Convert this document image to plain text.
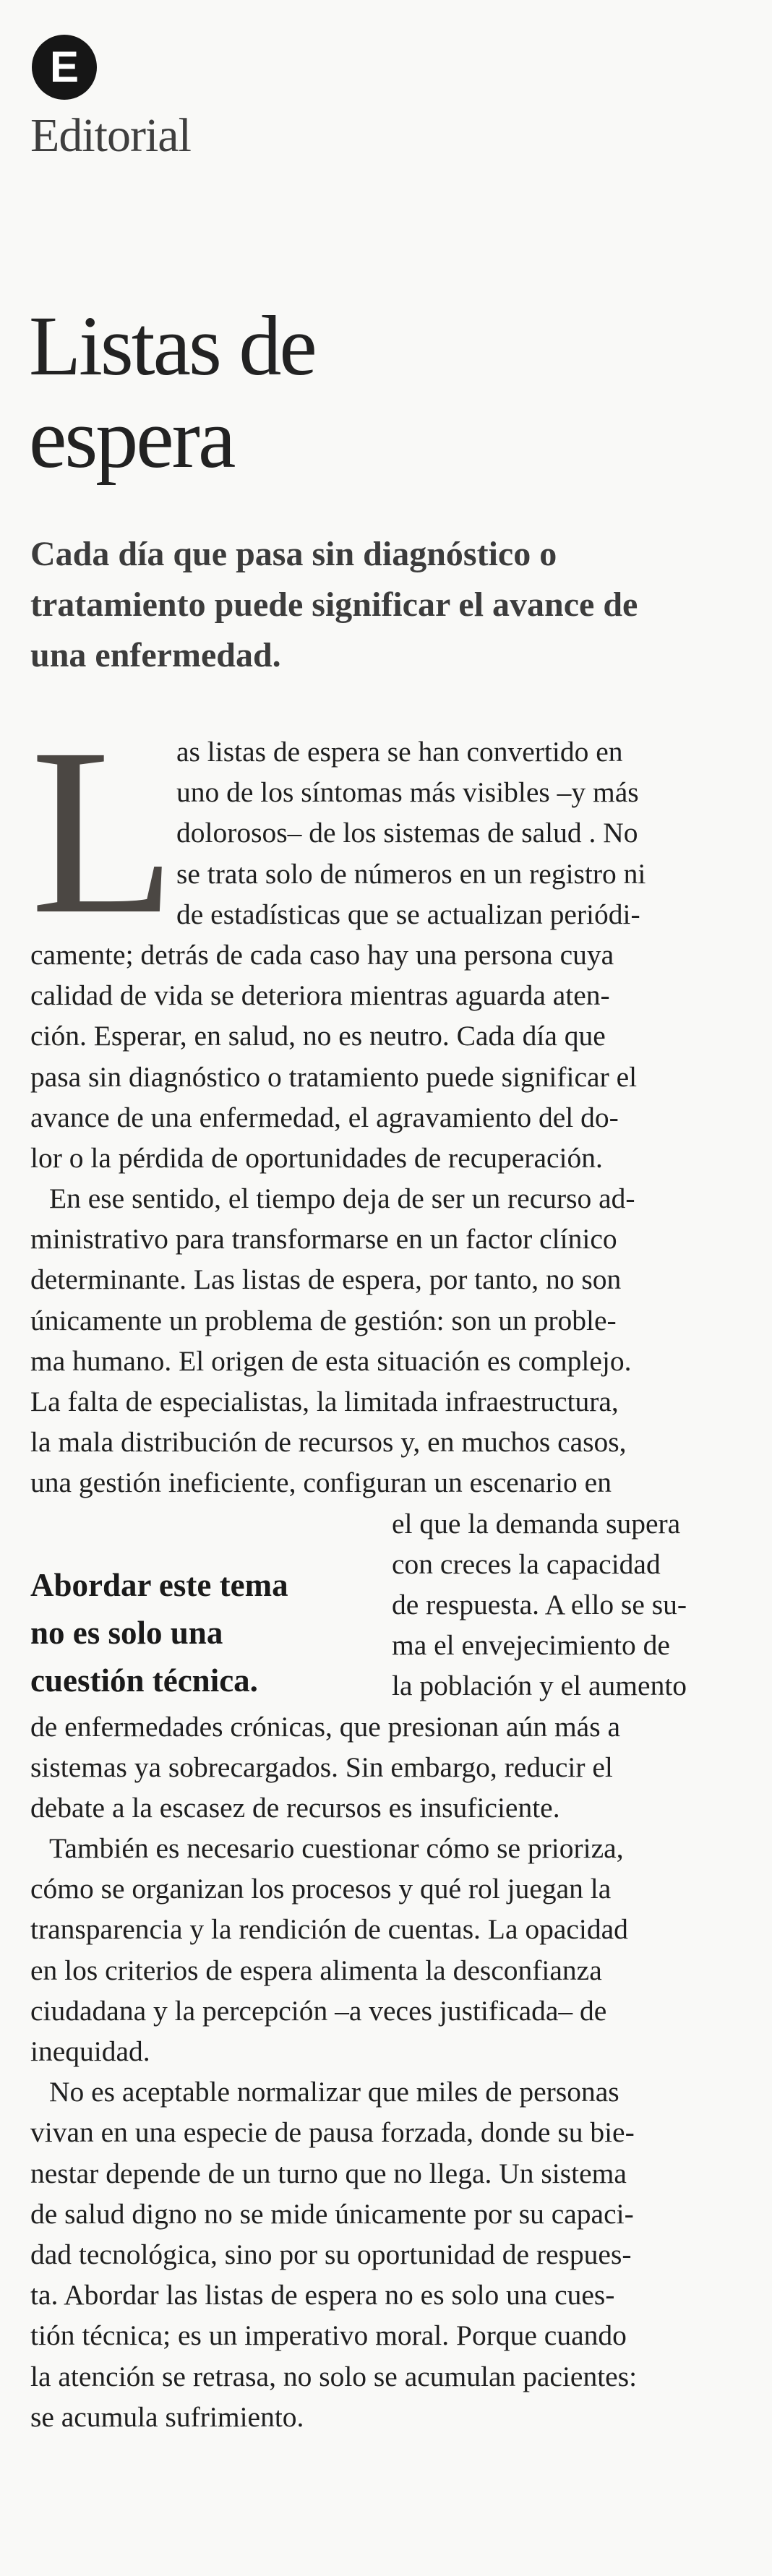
E
Editorial
Listas de
espera
Cada día que pasa sin diagnóstico o
tratamiento puede significar el avance de
una enfermedad.
L as listas de espera se han convertido en
uno de los síntomas más visibles –y más
dolorosos– de los sistemas de salud . No
se trata solo de números en un registro ni
de estadísticas que se actualizan periódi-
camente; detrás de cada caso hay una persona cuya
calidad de vida se deteriora mientras aguarda aten-
ción. Esperar, en salud, no es neutro. Cada día que
pasa sin diagnóstico o tratamiento puede significar el
avance de una enfermedad, el agravamiento del do-
lor o la pérdida de oportunidades de recuperación.
En ese sentido, el tiempo deja de ser un recurso ad-
ministrativo para transformarse en un factor clínico
determinante. Las listas de espera, por tanto, no son
únicamente un problema de gestión: son un proble-
ma humano. El origen de esta situación es complejo.
La falta de especialistas, la limitada infraestructura,
la mala distribución de recursos y, en muchos casos,
una gestión ineficiente, configuran un escenario en
el que la demanda supera
con creces la capacidad
de respuesta. A ello se su-
ma el envejecimiento de
la población y el aumento
de enfermedades crónicas, que presionan aún más a
sistemas ya sobrecargados. Sin embargo, reducir el
debate a la escasez de recursos es insuficiente.
También es necesario cuestionar cómo se prioriza,
cómo se organizan los procesos y qué rol juegan la
transparencia y la rendición de cuentas. La opacidad
en los criterios de espera alimenta la desconfianza
ciudadana y la percepción –a veces justificada– de
inequidad.
No es aceptable normalizar que miles de personas
vivan en una especie de pausa forzada, donde su bie-
nestar depende de un turno que no llega. Un sistema
de salud digno no se mide únicamente por su capaci-
dad tecnológica, sino por su oportunidad de respues-
ta. Abordar las listas de espera no es solo una cues-
tión técnica; es un imperativo moral. Porque cuando
la atención se retrasa, no solo se acumulan pacientes:
se acumula sufrimiento.
Abordar este tema
no es solo una
cuestión técnica.
